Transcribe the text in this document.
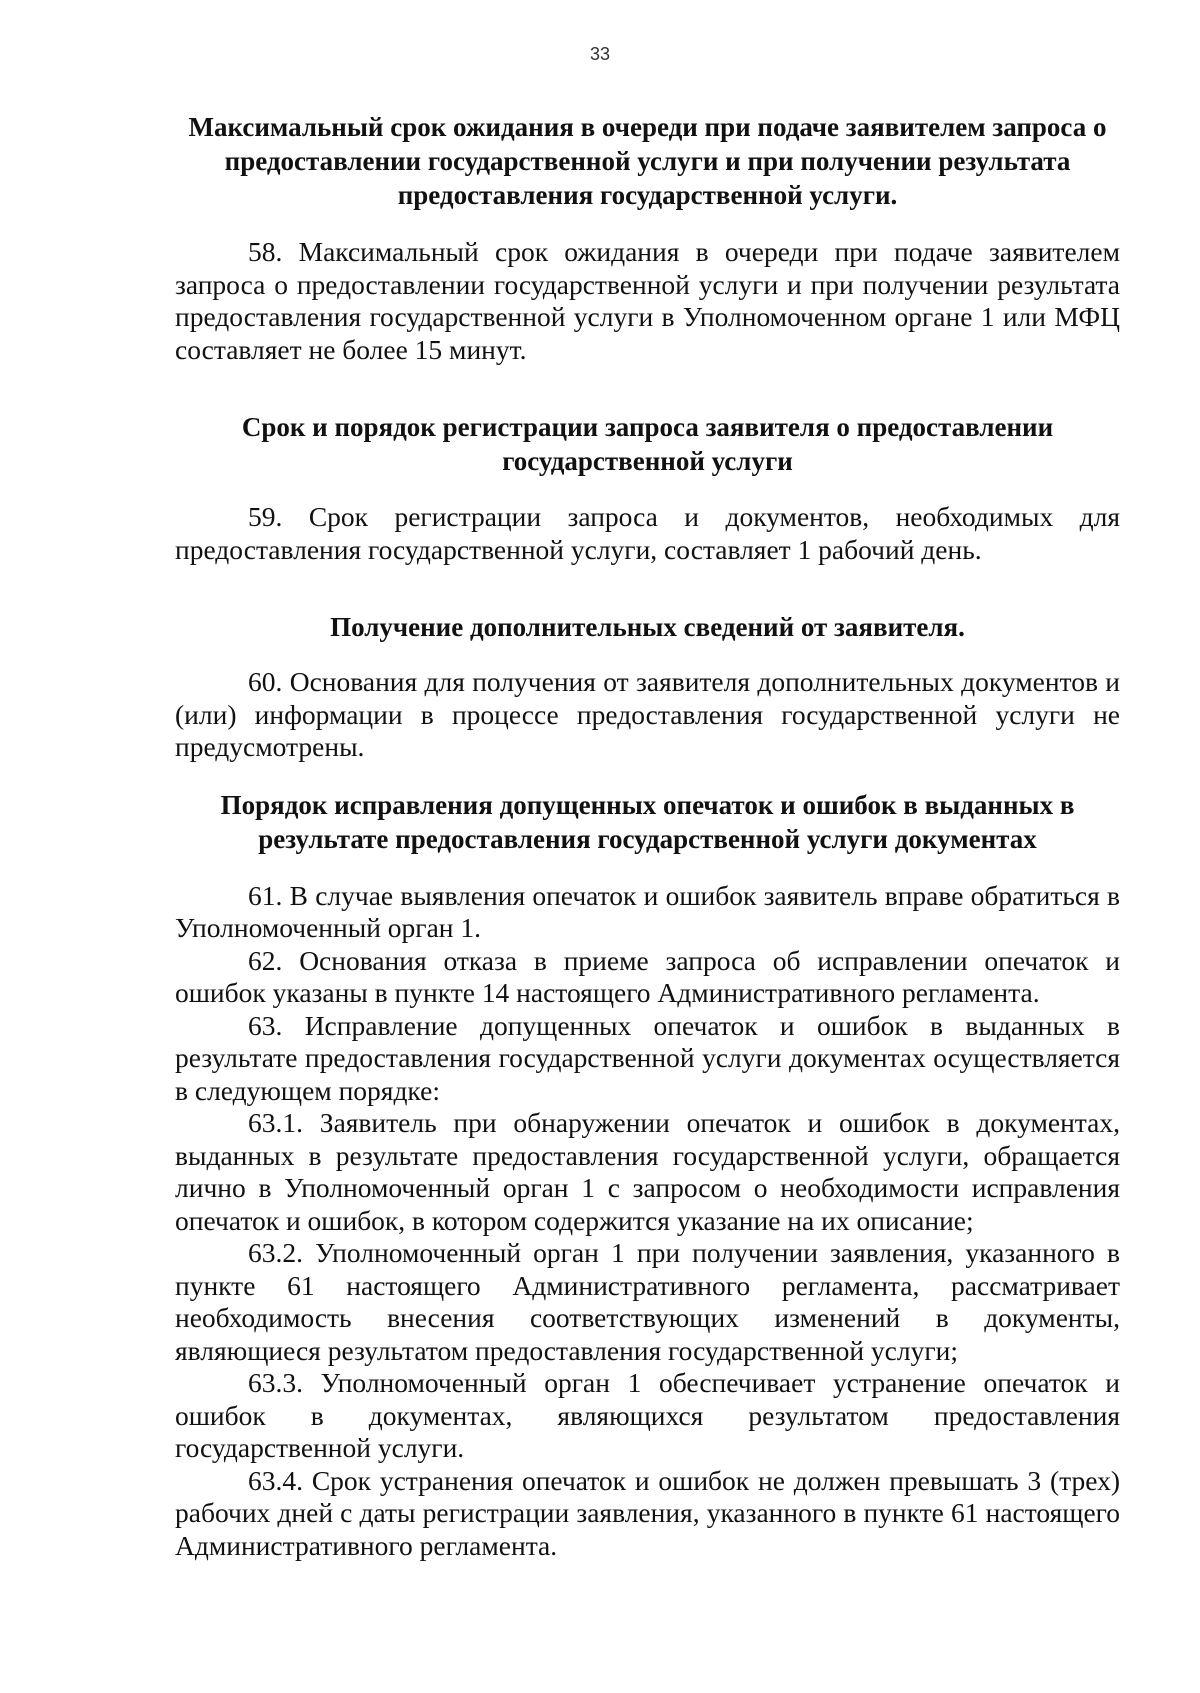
33

Максимальный срок ожидания в очереди при подаче заявителем запроса о предоставлении государственной услуги и при получении результата предоставления государственной услуги.

58. Максимальный срок ожидания в очереди при подаче заявителем запроса о предоставлении государственной услуги и при получении результата предоставления государственной услуги в Уполномоченном органе 1 или МФЦ составляет не более 15 минут.

Срок и порядок регистрации запроса заявителя о предоставлении государственной услуги

59. Срок регистрации запроса и документов, необходимых для предоставления государственной услуги, составляет 1 рабочий день.

Получение дополнительных сведений от заявителя.

60. Основания для получения от заявителя дополнительных документов и (или) информации в процессе предоставления государственной услуги не предусмотрены.

Порядок исправления допущенных опечаток и ошибок в выданных в результате предоставления государственной услуги документах

61. В случае выявления опечаток и ошибок заявитель вправе обратиться в Уполномоченный орган 1.

62. Основания отказа в приеме запроса об исправлении опечаток и ошибок указаны в пункте 14 настоящего Административного регламента.

63. Исправление допущенных опечаток и ошибок в выданных в результате предоставления государственной услуги документах осуществляется в следующем порядке:

63.1. Заявитель при обнаружении опечаток и ошибок в документах, выданных в результате предоставления государственной услуги, обращается лично в Уполномоченный орган 1 с запросом о необходимости исправления опечаток и ошибок, в котором содержится указание на их описание;

63.2. Уполномоченный орган 1 при получении заявления, указанного в пункте 61 настоящего Административного регламента, рассматривает необходимость внесения соответствующих изменений в документы, являющиеся результатом предоставления государственной услуги;

63.3. Уполномоченный орган 1 обеспечивает устранение опечаток и ошибок в документах, являющихся результатом предоставления государственной услуги.

63.4. Срок устранения опечаток и ошибок не должен превышать 3 (трех) рабочих дней с даты регистрации заявления, указанного в пункте 61 настоящего Административного регламента.
